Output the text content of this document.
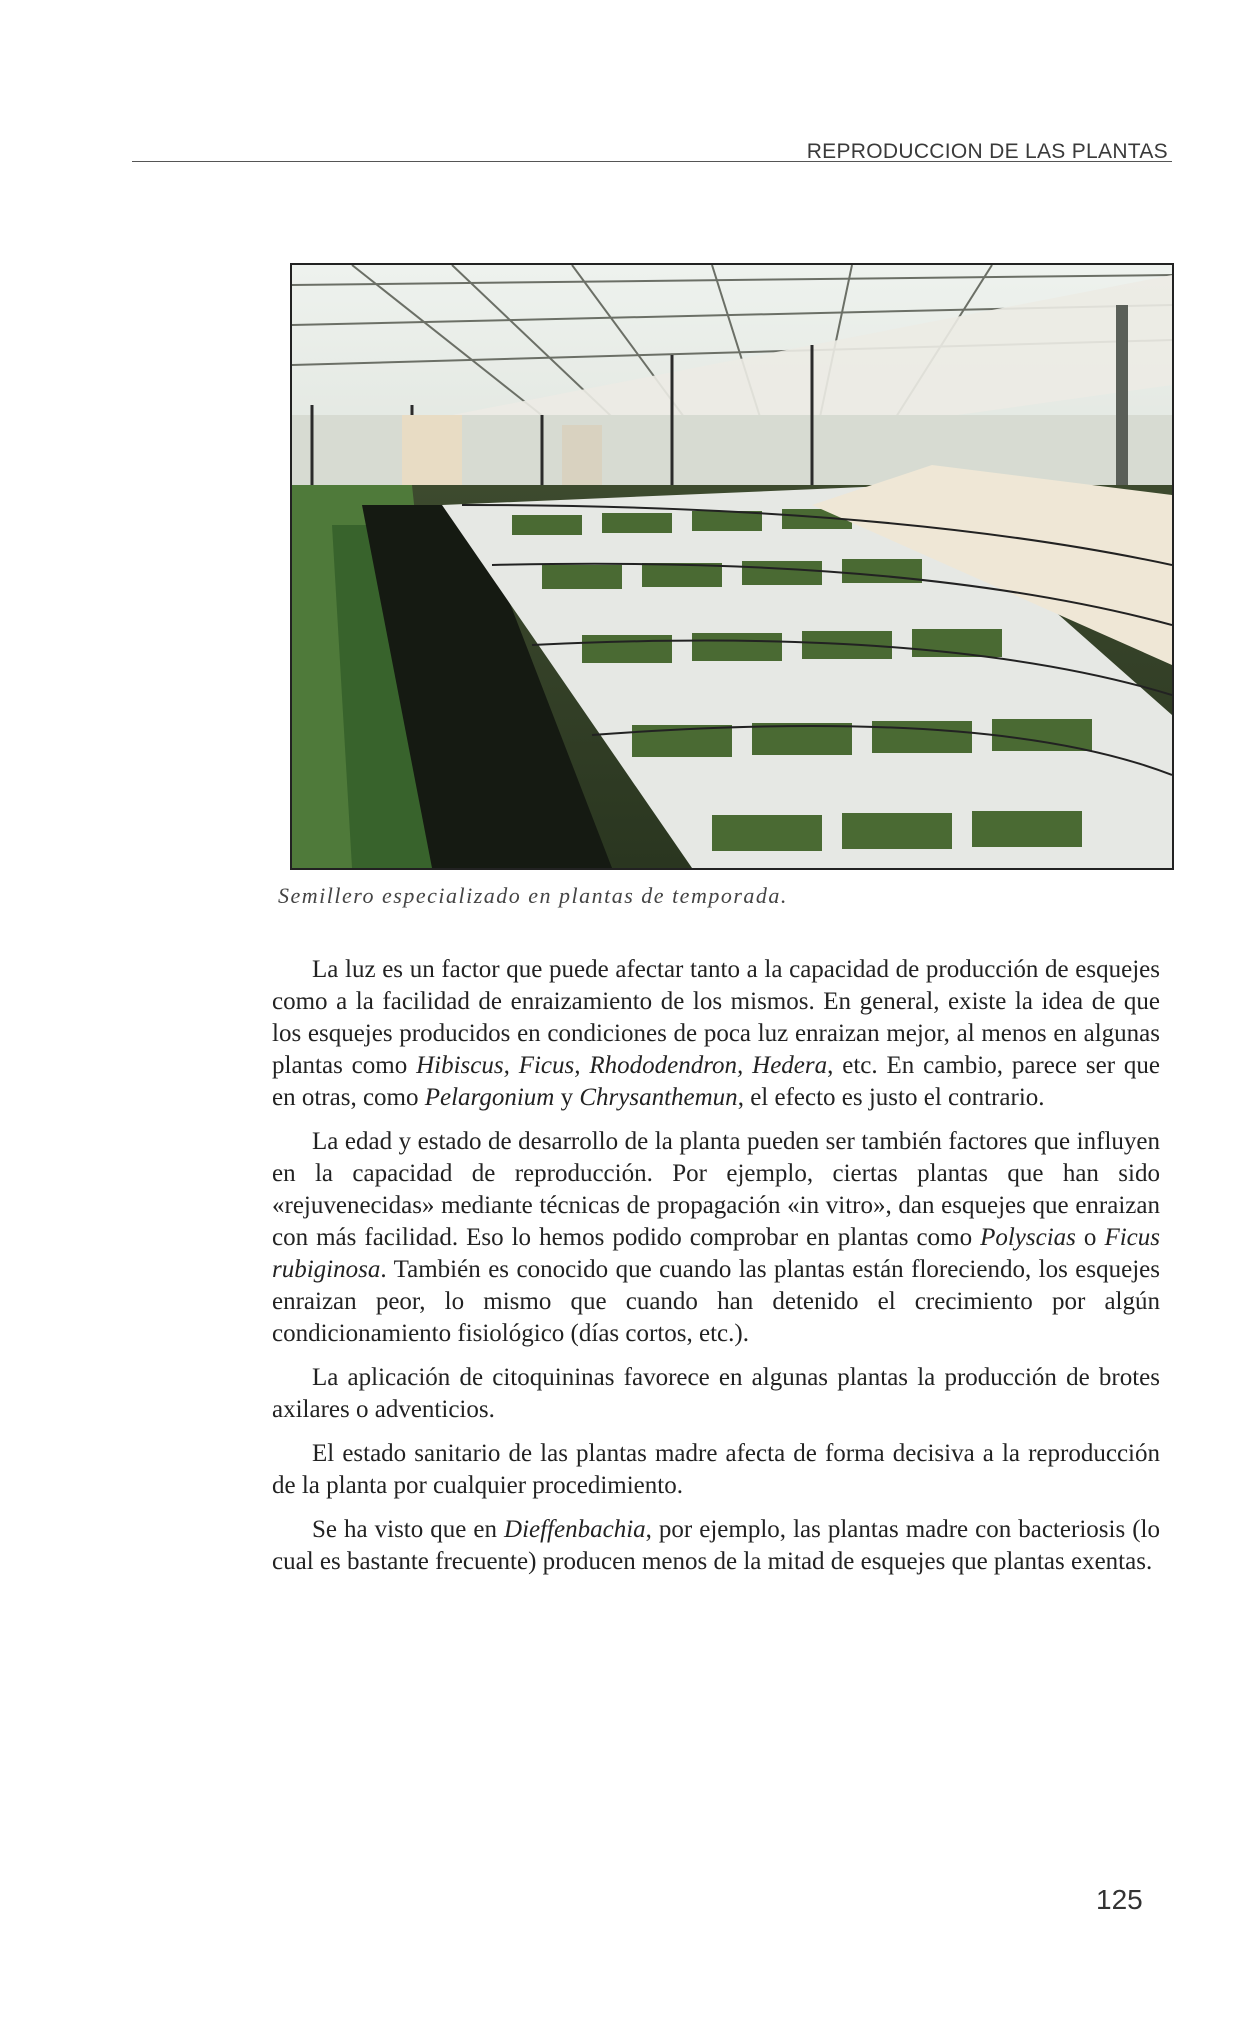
REPRODUCCION DE LAS PLANTAS
Semillero especializado en plantas de temporada.

La luz es un factor que puede afectar tanto a la capacidad de producción de esquejes como a la facilidad de enraizamiento de los mismos. En general, existe la idea de que los esquejes producidos en condiciones de poca luz enraizan mejor, al menos en algunas plantas como Hibiscus, Ficus, Rhododendron, Hedera, etc. En cambio, parece ser que en otras, como Pelargonium y Chrysanthemun, el efecto es justo el contrario.

La edad y estado de desarrollo de la planta pueden ser también factores que influyen en la capacidad de reproducción. Por ejemplo, ciertas plantas que han sido «rejuvenecidas» mediante técnicas de propagación «in vitro», dan esquejes que enraizan con más facilidad. Eso lo hemos podido comprobar en plantas como Polyscias o Ficus rubiginosa. También es conocido que cuando las plantas están floreciendo, los esquejes enraizan peor, lo mismo que cuando han detenido el crecimiento por algún condicionamiento fisiológico (días cortos, etc.).

La aplicación de citoquininas favorece en algunas plantas la producción de brotes axilares o adventicios.

El estado sanitario de las plantas madre afecta de forma decisiva a la reproducción de la planta por cualquier procedimiento.

Se ha visto que en Dieffenbachia, por ejemplo, las plantas madre con bacteriosis (lo cual es bastante frecuente) producen menos de la mitad de esquejes que plantas exentas.

125
